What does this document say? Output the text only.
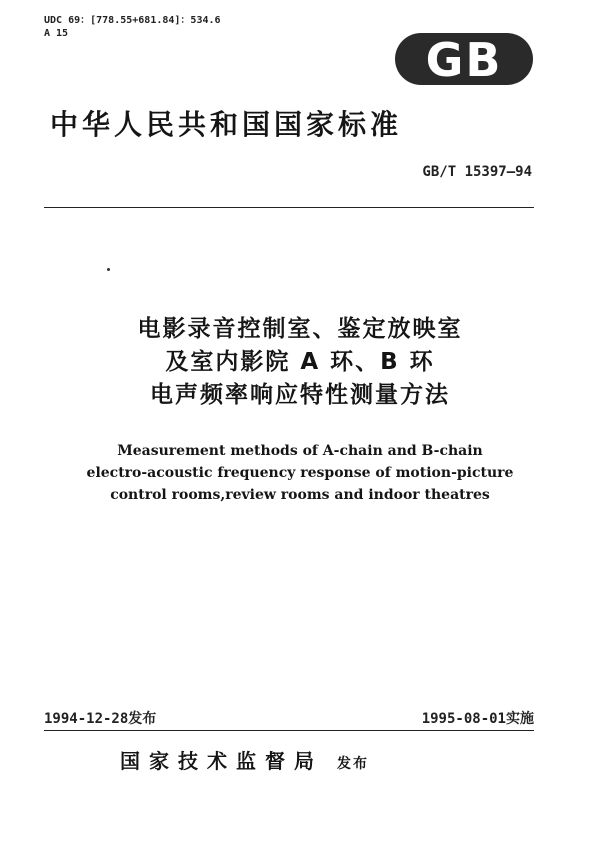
UDC 69：[778.55+681.84]：534.6
A 15	GB
中华人民共和国国家标准
GB/T 15397—94
电影录音控制室、鉴定放映室
及室内影院 A 环、B 环
电声频率响应特性测量方法
Measurement methods of A-chain and B-chain
electro-acoustic frequency response of motion-picture
control rooms,review rooms and indoor theatres
1994-12-28发布	1995-08-01实施
国家技术监督局 发布
